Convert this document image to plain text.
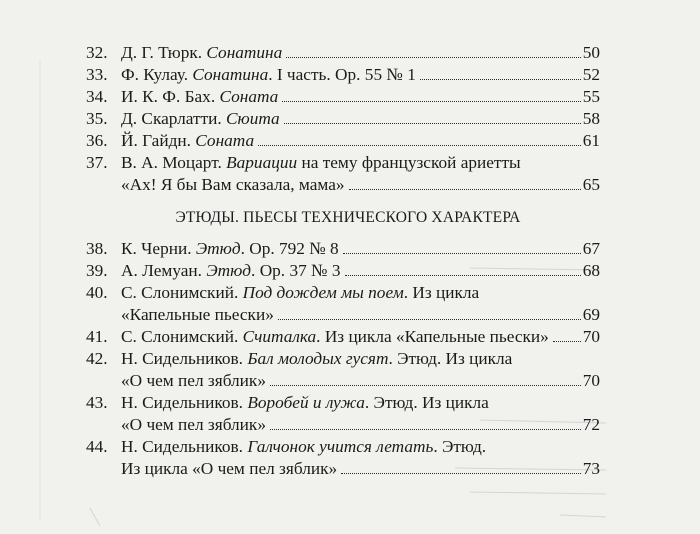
32. Д. Г. Тюрк. Сонатина	50
33. Ф. Кулау. Сонатина. I часть. Ор. 55 № 1	52
34. И. К. Ф. Бах. Соната	55
35. Д. Скарлатти. Сюита	58
36. Й. Гайдн. Соната	61
37. В. А. Моцарт. Вариации на тему французской ариетты
«Ах! Я бы Вам сказала, мама»	65
ЭТЮДЫ. ПЬЕСЫ ТЕХНИЧЕСКОГО ХАРАКТЕРА
38. К. Черни. Этюд. Ор. 792 № 8	67
39. А. Лемуан. Этюд. Ор. 37 № 3	68
40. С. Слонимский. Под дождем мы поем. Из цикла
«Капельные пьески»	69
41. С. Слонимский. Считалка. Из цикла «Капельные пьески» 70
42. Н. Сидельников. Бал молодых гусят. Этюд. Из цикла
«О чем пел зяблик»	70
43. Н. Сидельников. Воробей и лужа. Этюд. Из цикла
«О чем пел зяблик»	72
44. Н. Сидельников. Галчонок учится летать. Этюд.
Из цикла «О чем пел зяблик»	73
